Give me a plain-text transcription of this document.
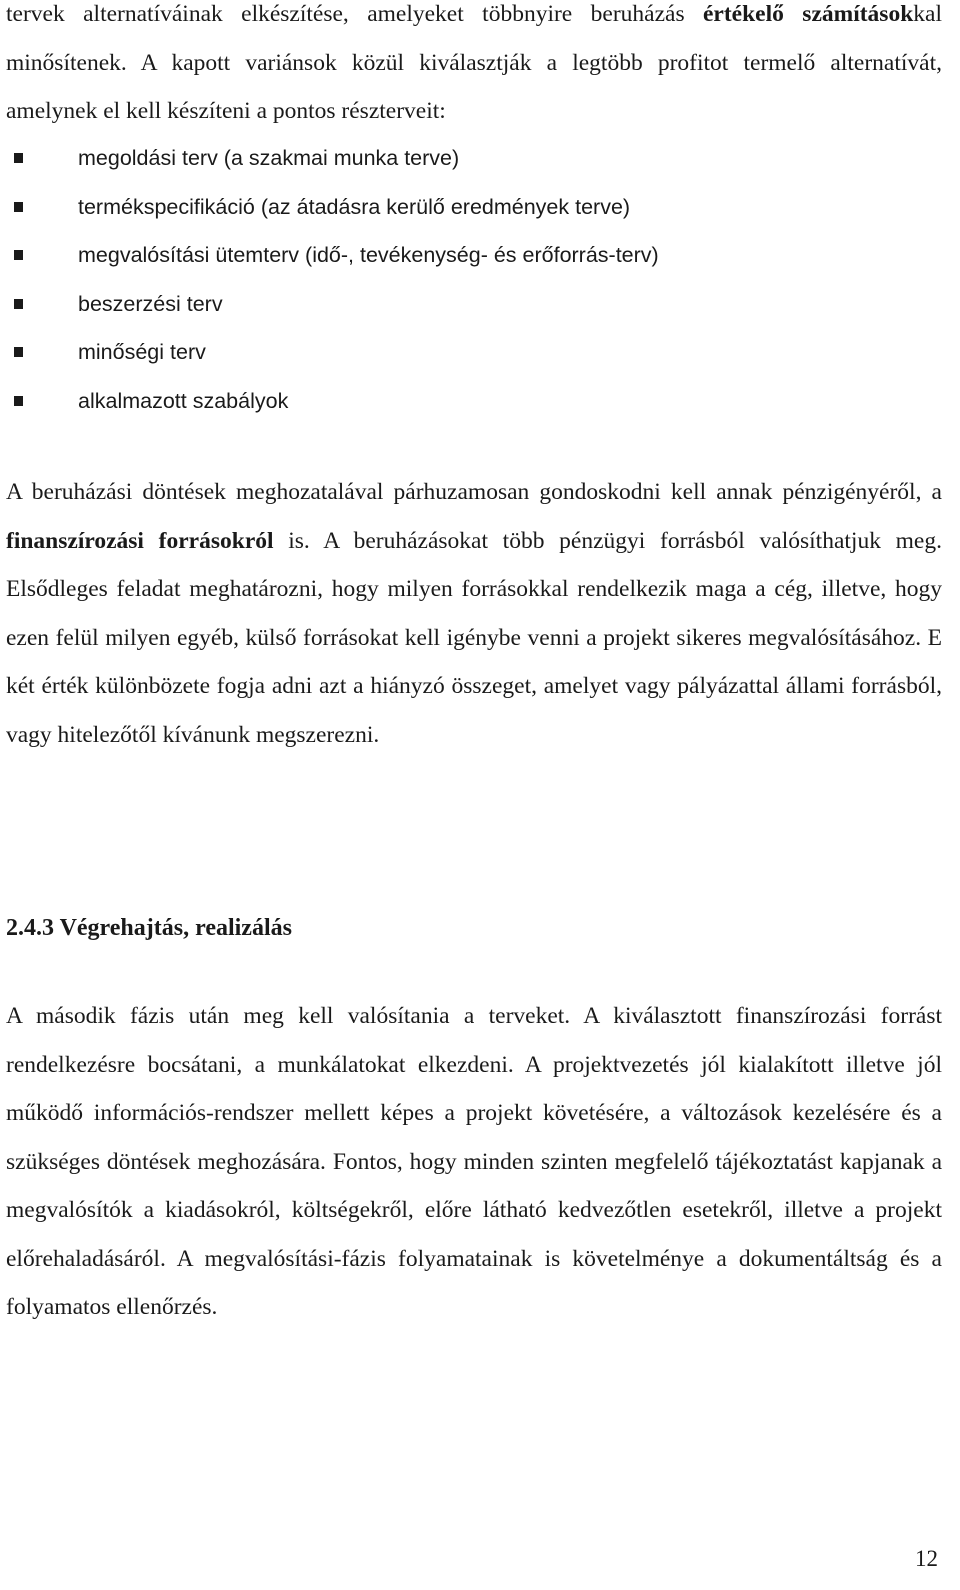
tervek alternatíváinak elkészítése, amelyeket többnyire beruházás értékelő számításokkal minősítenek. A kapott variánsok közül kiválasztják a legtöbb profitot termelő alternatívát, amelynek el kell készíteni a pontos részterveit:

megoldási terv (a szakmai munka terve)
termékspecifikáció (az átadásra kerülő eredmények terve)
megvalósítási ütemterv (idő-, tevékenység- és erőforrás-terv)
beszerzési terv
minőségi terv
alkalmazott szabályok

A beruházási döntések meghozatalával párhuzamosan gondoskodni kell annak pénzigényéről, a finanszírozási forrásokról is. A beruházásokat több pénzügyi forrásból valósíthatjuk meg. Elsődleges feladat meghatározni, hogy milyen forrásokkal rendelkezik maga a cég, illetve, hogy ezen felül milyen egyéb, külső forrásokat kell igénybe venni a projekt sikeres megvalósításához. E két érték különbözete fogja adni azt a hiányzó összeget, amelyet vagy pályázattal állami forrásból, vagy hitelezőtől kívánunk megszerezni.

2.4.3 Végrehajtás, realizálás

A második fázis után meg kell valósítania a terveket. A kiválasztott finanszírozási forrást rendelkezésre bocsátani, a munkálatokat elkezdeni. A projektvezetés jól kialakított illetve jól működő információs-rendszer mellett képes a projekt követésére, a változások kezelésére és a szükséges döntések meghozására. Fontos, hogy minden szinten megfelelő tájékoztatást kapjanak a megvalósítók a kiadásokról, költségekről, előre látható kedvezőtlen esetekről, illetve a projekt előrehaladásáról. A megvalósítási-fázis folyamatainak is követelménye a dokumentáltság és a folyamatos ellenőrzés.

12
